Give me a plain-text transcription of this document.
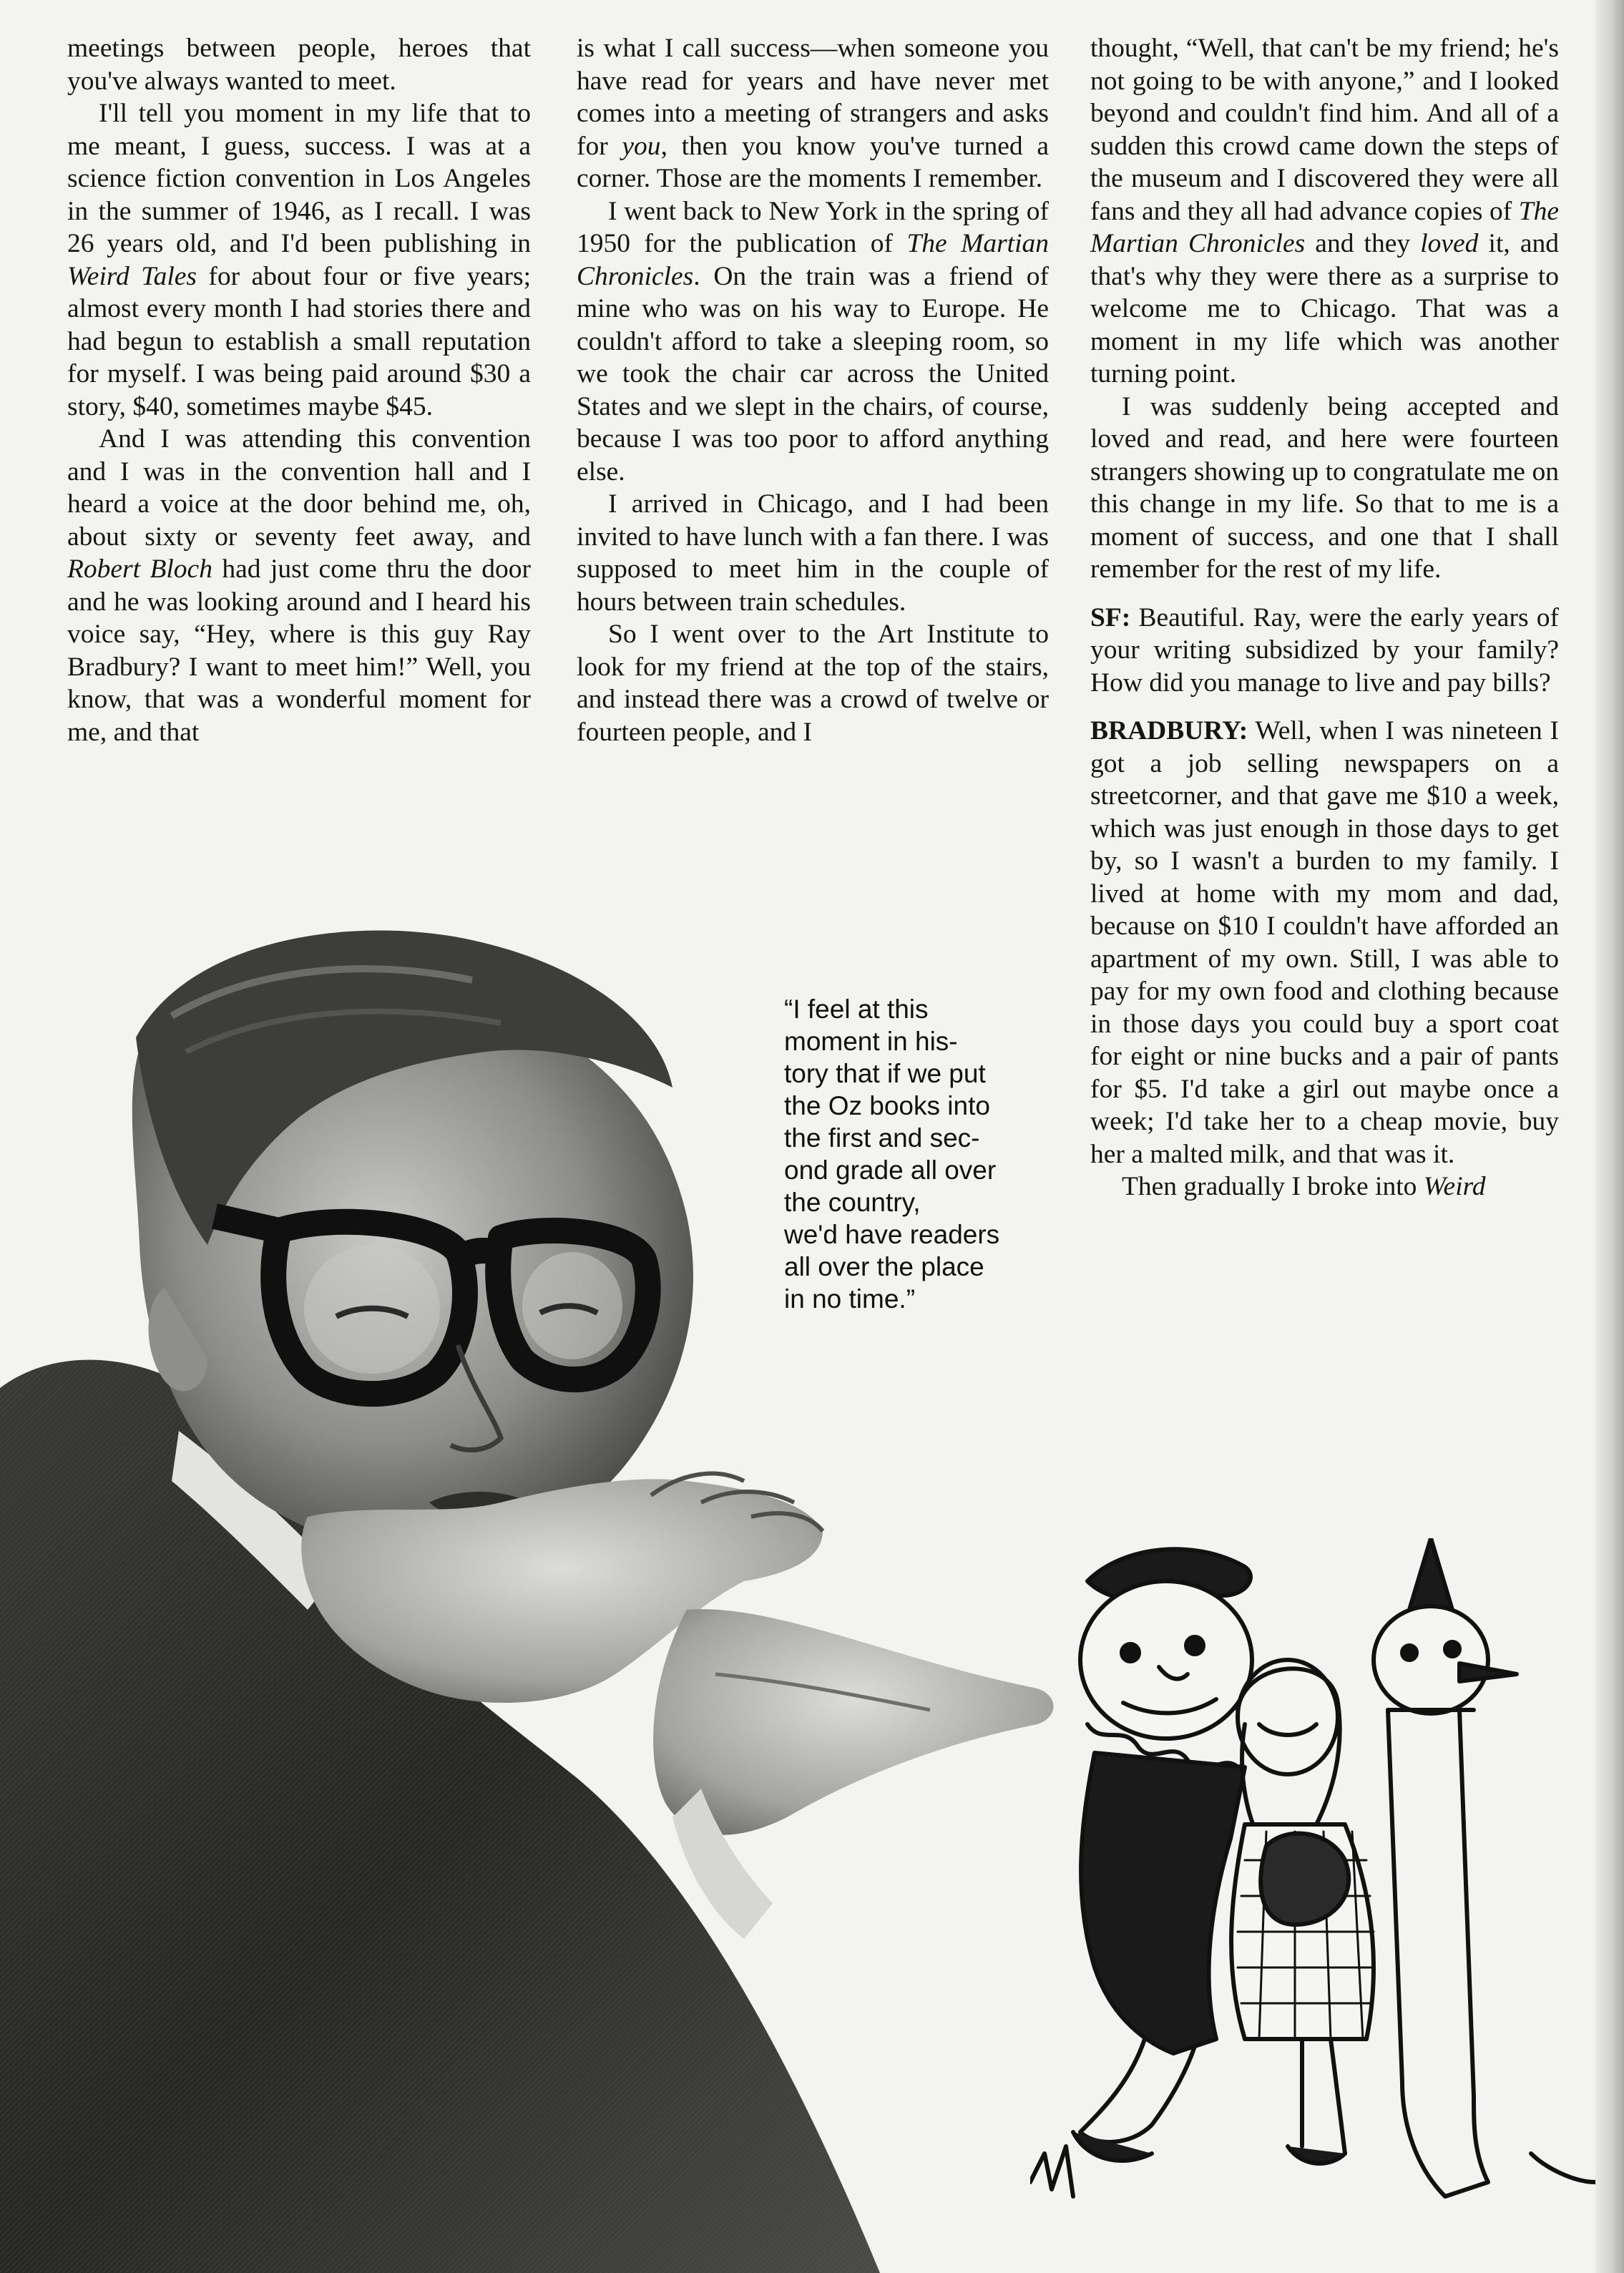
meetings between people, heroes that you've always wanted to meet.

I'll tell you moment in my life that to me meant, I guess, success. I was at a science fiction convention in Los Angeles in the summer of 1946, as I recall. I was 26 years old, and I'd been publishing in Weird Tales for about four or five years; almost every month I had stories there and had begun to establish a small reputation for myself. I was being paid around $30 a story, $40, sometimes maybe $45.

And I was attending this convention and I was in the convention hall and I heard a voice at the door behind me, oh, about sixty or seventy feet away, and Robert Bloch had just come thru the door and he was looking around and I heard his voice say, “Hey, where is this guy Ray Bradbury? I want to meet him!” Well, you know, that was a wonderful moment for me, and that

is what I call success—when someone you have read for years and have never met comes into a meeting of strangers and asks for you, then you know you've turned a corner. Those are the moments I remember.

I went back to New York in the spring of 1950 for the publication of The Martian Chronicles. On the train was a friend of mine who was on his way to Europe. He couldn't afford to take a sleeping room, so we took the chair car across the United States and we slept in the chairs, of course, because I was too poor to afford anything else.

I arrived in Chicago, and I had been invited to have lunch with a fan there. I was supposed to meet him in the couple of hours between train schedules.

So I went over to the Art Institute to look for my friend at the top of the stairs, and instead there was a crowd of twelve or fourteen people, and I

thought, “Well, that can't be my friend; he's not going to be with anyone,” and I looked beyond and couldn't find him. And all of a sudden this crowd came down the steps of the museum and I discovered they were all fans and they all had advance copies of The Martian Chronicles and they loved it, and that's why they were there as a surprise to welcome me to Chicago. That was a moment in my life which was another turning point.

I was suddenly being accepted and loved and read, and here were fourteen strangers showing up to congratulate me on this change in my life. So that to me is a moment of success, and one that I shall remember for the rest of my life.

SF: Beautiful. Ray, were the early years of your writing subsidized by your family? How did you manage to live and pay bills?

BRADBURY: Well, when I was nineteen I got a job selling newspapers on a streetcorner, and that gave me $10 a week, which was just enough in those days to get by, so I wasn't a burden to my family. I lived at home with my mom and dad, because on $10 I couldn't have afforded an apartment of my own. Still, I was able to pay for my own food and clothing because in those days you could buy a sport coat for eight or nine bucks and a pair of pants for $5. I'd take a girl out maybe once a week; I'd take her to a cheap movie, buy her a malted milk, and that was it.

Then gradually I broke into Weird

“I feel at this

moment in his-

tory that if we put

the Oz books into

the first and sec-

ond grade all over

the country,

we'd have readers

all over the place

in no time.”
